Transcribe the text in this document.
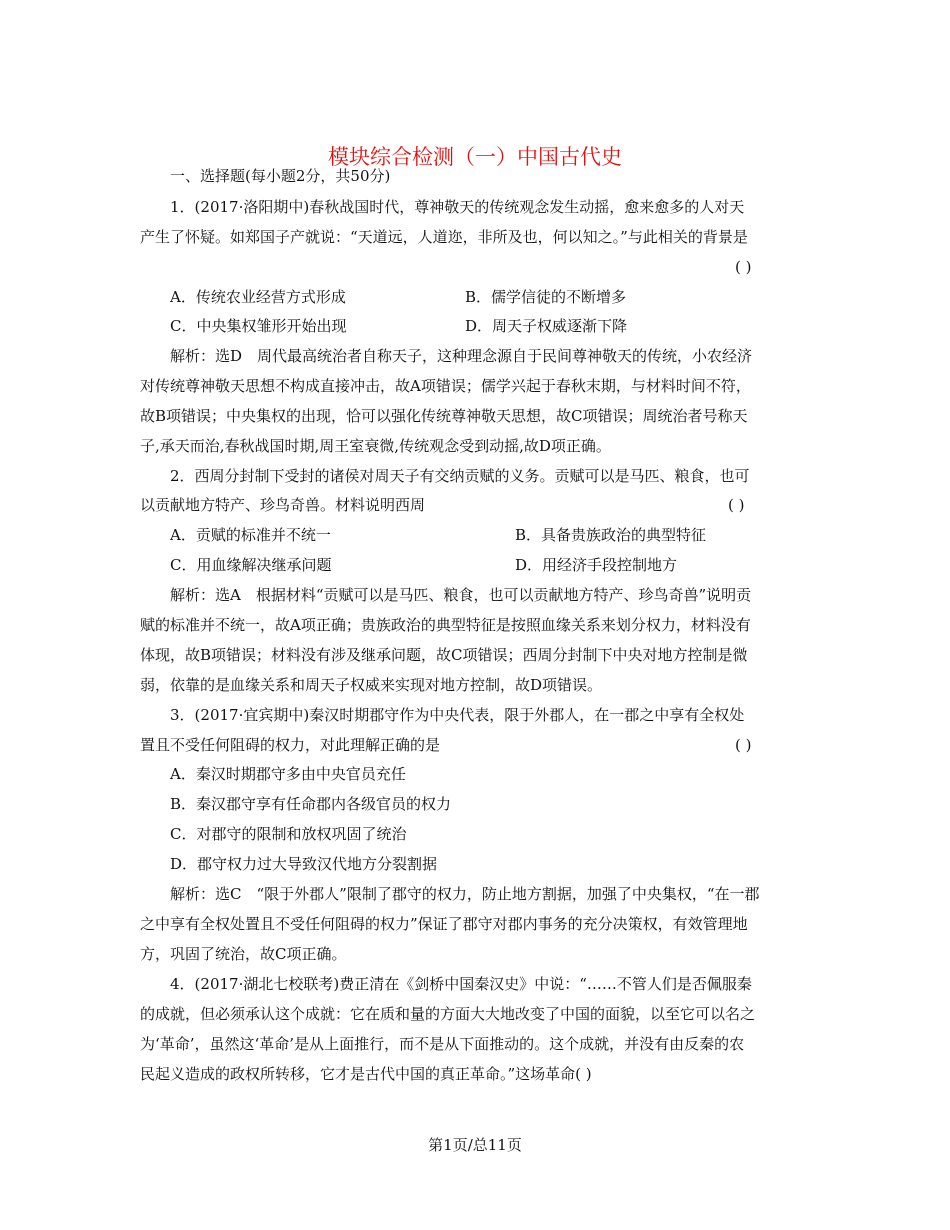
模块综合检测（一）中国古代史
一、选择题(每小题2分，共50分)
1．(2017·洛阳期中)春秋战国时代，尊神敬天的传统观念发生动摇，愈来愈多的人对天
产生了怀疑。如郑国子产就说：“天道远，人道迩，非所及也，何以知之。”与此相关的背景是
( )
A．传统农业经营方式形成	B．儒学信徒的不断增多
C．中央集权雏形开始出现	D．周天子权威逐渐下降
解析：选D　周代最高统治者自称天子，这种理念源自于民间尊神敬天的传统，小农经济
对传统尊神敬天思想不构成直接冲击，故A项错误；儒学兴起于春秋末期，与材料时间不符，
故B项错误；中央集权的出现，恰可以强化传统尊神敬天思想，故C项错误；周统治者号称天
子,承天而治,春秋战国时期,周王室衰微,传统观念受到动摇,故D项正确。
2．西周分封制下受封的诸侯对周天子有交纳贡赋的义务。贡赋可以是马匹、粮食，也可
以贡献地方特产、珍鸟奇兽。材料说明西周	( )
A．贡赋的标准并不统一	B．具备贵族政治的典型特征
C．用血缘解决继承问题	D．用经济手段控制地方
解析：选A　根据材料“贡赋可以是马匹、粮食，也可以贡献地方特产、珍鸟奇兽”说明贡
赋的标准并不统一，故A项正确；贵族政治的典型特征是按照血缘关系来划分权力，材料没有
体现，故B项错误；材料没有涉及继承问题，故C项错误；西周分封制下中央对地方控制是微
弱，依靠的是血缘关系和周天子权威来实现对地方控制，故D项错误。
3．(2017·宜宾期中)秦汉时期郡守作为中央代表，限于外郡人，在一郡之中享有全权处
置且不受任何阻碍的权力，对此理解正确的是	( )
A．秦汉时期郡守多由中央官员充任
B．秦汉郡守享有任命郡内各级官员的权力
C．对郡守的限制和放权巩固了统治
D．郡守权力过大导致汉代地方分裂割据
解析：选C　“限于外郡人”限制了郡守的权力，防止地方割据，加强了中央集权，“在一郡
之中享有全权处置且不受任何阻碍的权力”保证了郡守对郡内事务的充分决策权，有效管理地
方，巩固了统治，故C项正确。
4．(2017·湖北七校联考)费正清在《剑桥中国秦汉史》中说：“……不管人们是否佩服秦
的成就，但必须承认这个成就：它在质和量的方面大大地改变了中国的面貌，以至它可以名之
为‘革命’，虽然这‘革命’是从上面推行，而不是从下面推动的。这个成就，并没有由反秦的农
民起义造成的政权所转移，它才是古代中国的真正革命。”这场革命( )
第1页/总11页
